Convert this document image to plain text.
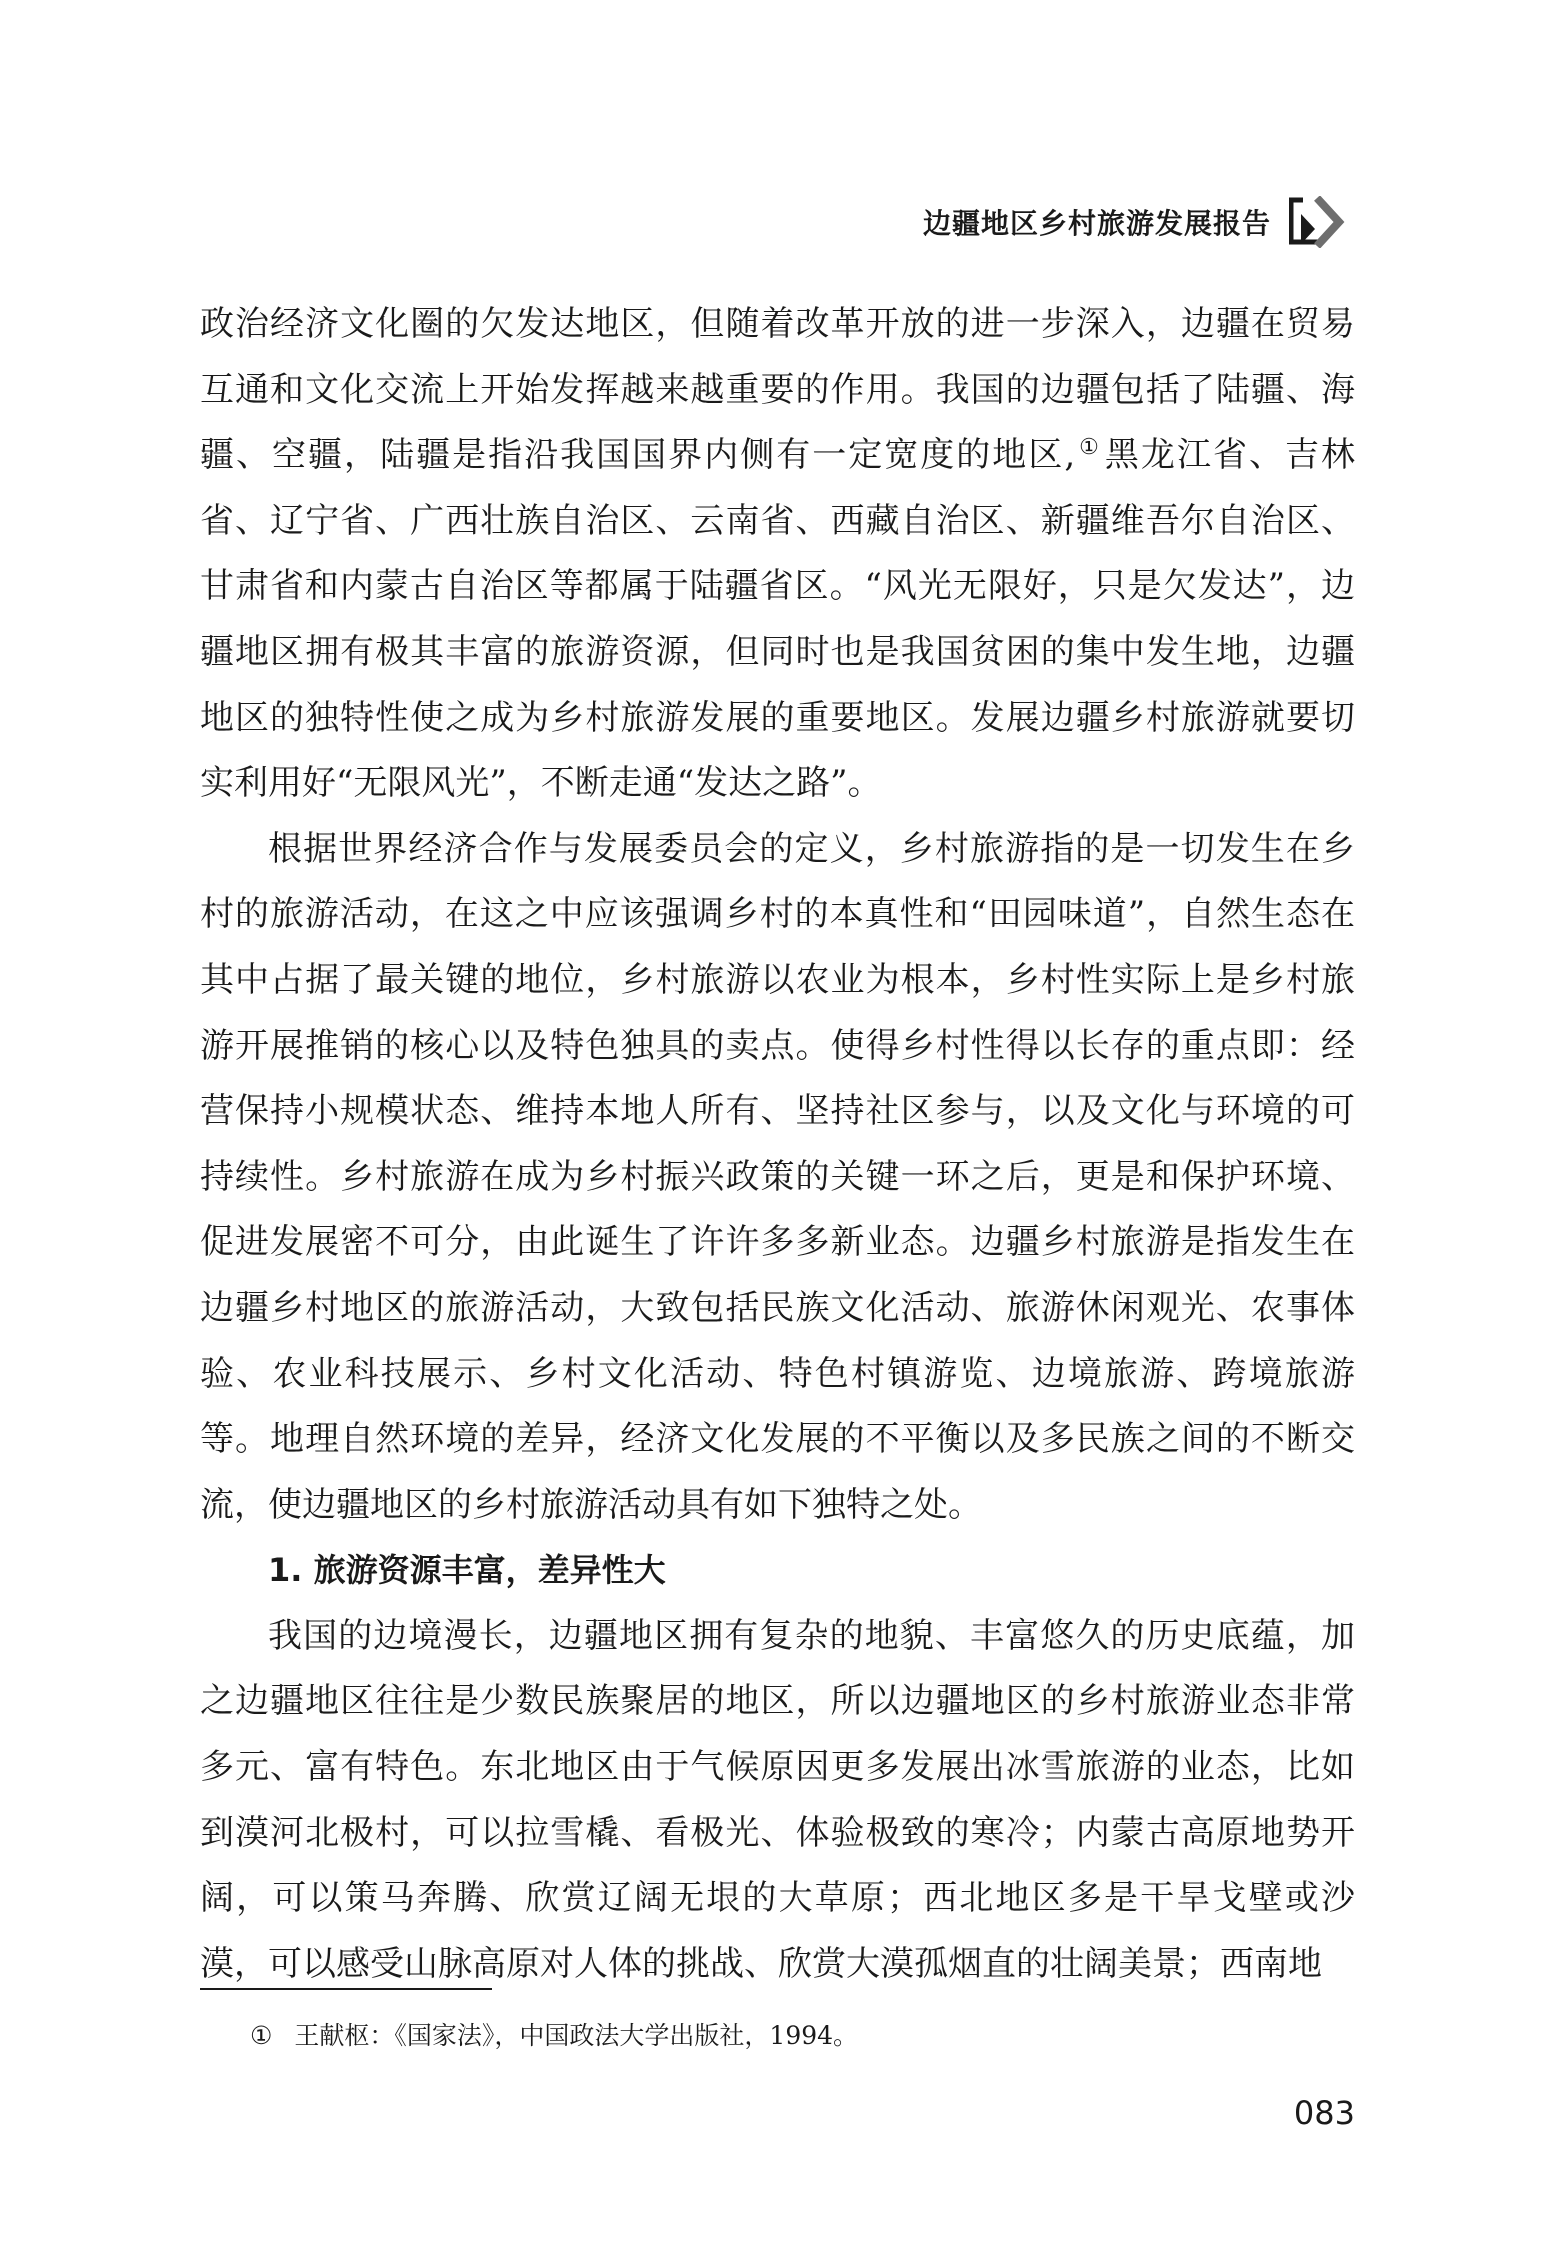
边疆地区乡村旅游发展报告

政治经济文化圈的欠发达地区，但随着改革开放的进一步深入，边疆在贸易互通和文化交流上开始发挥越来越重要的作用。我国的边疆包括了陆疆、海疆、空疆，陆疆是指沿我国国界内侧有一定宽度的地区,① 黑龙江省、吉林省、辽宁省、广西壮族自治区、云南省、西藏自治区、新疆维吾尔自治区、甘肃省和内蒙古自治区等都属于陆疆省区。“风光无限好，只是欠发达”，边疆地区拥有极其丰富的旅游资源，但同时也是我国贫困的集中发生地，边疆地区的独特性使之成为乡村旅游发展的重要地区。发展边疆乡村旅游就要切实利用好“无限风光”，不断走通“发达之路”。

根据世界经济合作与发展委员会的定义，乡村旅游指的是一切发生在乡村的旅游活动，在这之中应该强调乡村的本真性和“田园味道”，自然生态在其中占据了最关键的地位，乡村旅游以农业为根本，乡村性实际上是乡村旅游开展推销的核心以及特色独具的卖点。使得乡村性得以长存的重点即：经营保持小规模状态、维持本地人所有、坚持社区参与，以及文化与环境的可持续性。乡村旅游在成为乡村振兴政策的关键一环之后，更是和保护环境、促进发展密不可分，由此诞生了许许多多新业态。边疆乡村旅游是指发生在边疆乡村地区的旅游活动，大致包括民族文化活动、旅游休闲观光、农事体验、农业科技展示、乡村文化活动、特色村镇游览、边境旅游、跨境旅游等。地理自然环境的差异，经济文化发展的不平衡以及多民族之间的不断交流，使边疆地区的乡村旅游活动具有如下独特之处。

1. 旅游资源丰富，差异性大

我国的边境漫长，边疆地区拥有复杂的地貌、丰富悠久的历史底蕴，加之边疆地区往往是少数民族聚居的地区，所以边疆地区的乡村旅游业态非常多元、富有特色。东北地区由于气候原因更多发展出冰雪旅游的业态，比如到漠河北极村，可以拉雪橇、看极光、体验极致的寒冷；内蒙古高原地势开阔，可以策马奔腾、欣赏辽阔无垠的大草原；西北地区多是干旱戈壁或沙漠，可以感受山脉高原对人体的挑战、欣赏大漠孤烟直的壮阔美景；西南地

① 王献枢：《国家法》，中国政法大学出版社，1994。
083
